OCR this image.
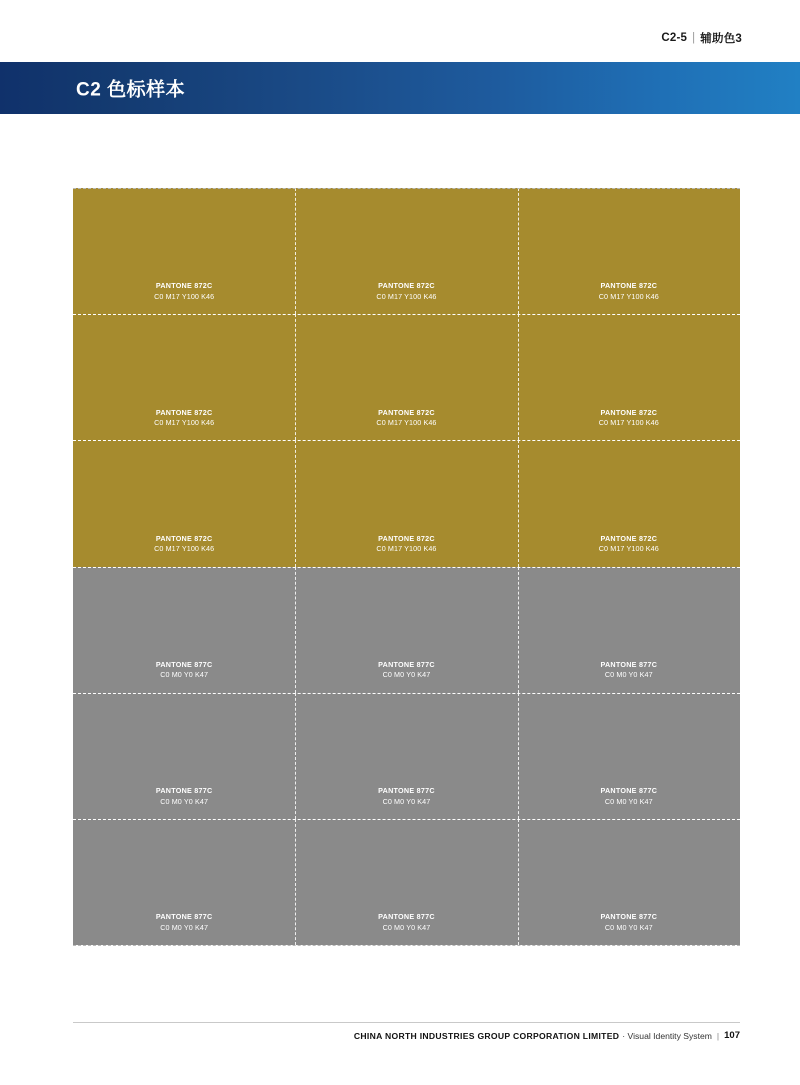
C2-5 | 辅助色3
C2 色标样本
PANTONE 872C
C0 M17 Y100 K46
PANTONE 872C
C0 M17 Y100 K46
PANTONE 872C
C0 M17 Y100 K46
PANTONE 872C
C0 M17 Y100 K46
PANTONE 872C
C0 M17 Y100 K46
PANTONE 872C
C0 M17 Y100 K46
PANTONE 872C
C0 M17 Y100 K46
PANTONE 872C
C0 M17 Y100 K46
PANTONE 872C
C0 M17 Y100 K46
PANTONE 877C
C0 M0 Y0 K47
PANTONE 877C
C0 M0 Y0 K47
PANTONE 877C
C0 M0 Y0 K47
PANTONE 877C
C0 M0 Y0 K47
PANTONE 877C
C0 M0 Y0 K47
PANTONE 877C
C0 M0 Y0 K47
PANTONE 877C
C0 M0 Y0 K47
PANTONE 877C
C0 M0 Y0 K47
PANTONE 877C
C0 M0 Y0 K47
CHINA NORTH INDUSTRIES GROUP CORPORATION LIMITED · Visual Identity System | 107
